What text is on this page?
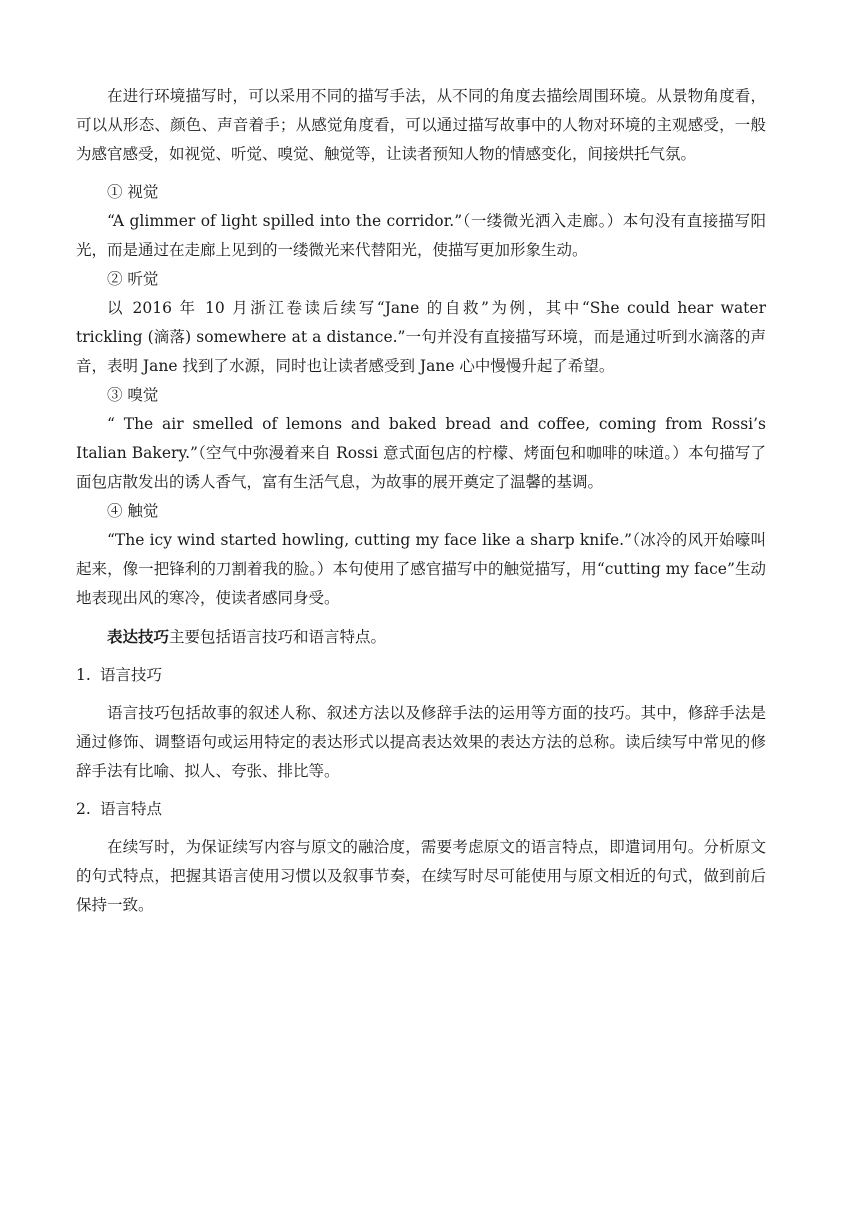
在进行环境描写时，可以采用不同的描写手法，从不同的角度去描绘周围环境。从景物角度看，可以从形态、颜色、声音着手；从感觉角度看，可以通过描写故事中的人物对环境的主观感受，一般为感官感受，如视觉、听觉、嗅觉、触觉等，让读者预知人物的情感变化，间接烘托气氛。

① 视觉

“A glimmer of light spilled into the corridor.”（一缕微光洒入走廊。）本句没有直接描写阳光，而是通过在走廊上见到的一缕微光来代替阳光，使描写更加形象生动。

② 听觉

以 2016 年 10 月浙江卷读后续写“Jane 的自救”为例，其中“She could hear water trickling (滴落) somewhere at a distance.”一句并没有直接描写环境，而是通过听到水滴落的声音，表明 Jane 找到了水源，同时也让读者感受到 Jane 心中慢慢升起了希望。

③ 嗅觉

“ The air smelled of lemons and baked bread and coffee, coming from Rossi’s Italian Bakery.”（空气中弥漫着来自 Rossi 意式面包店的柠檬、烤面包和咖啡的味道。）本句描写了面包店散发出的诱人香气，富有生活气息，为故事的展开奠定了温馨的基调。

④ 触觉

“The icy wind started howling, cutting my face like a sharp knife.”（冰冷的风开始嚎叫起来，像一把锋利的刀割着我的脸。）本句使用了感官描写中的触觉描写，用“cutting my face”生动地表现出风的寒冷，使读者感同身受。

表达技巧主要包括语言技巧和语言特点。

1. 语言技巧

语言技巧包括故事的叙述人称、叙述方法以及修辞手法的运用等方面的技巧。其中，修辞手法是通过修饰、调整语句或运用特定的表达形式以提高表达效果的表达方法的总称。读后续写中常见的修辞手法有比喻、拟人、夸张、排比等。

2. 语言特点

在续写时，为保证续写内容与原文的融洽度，需要考虑原文的语言特点，即遣词用句。分析原文的句式特点，把握其语言使用习惯以及叙事节奏，在续写时尽可能使用与原文相近的句式，做到前后保持一致。
